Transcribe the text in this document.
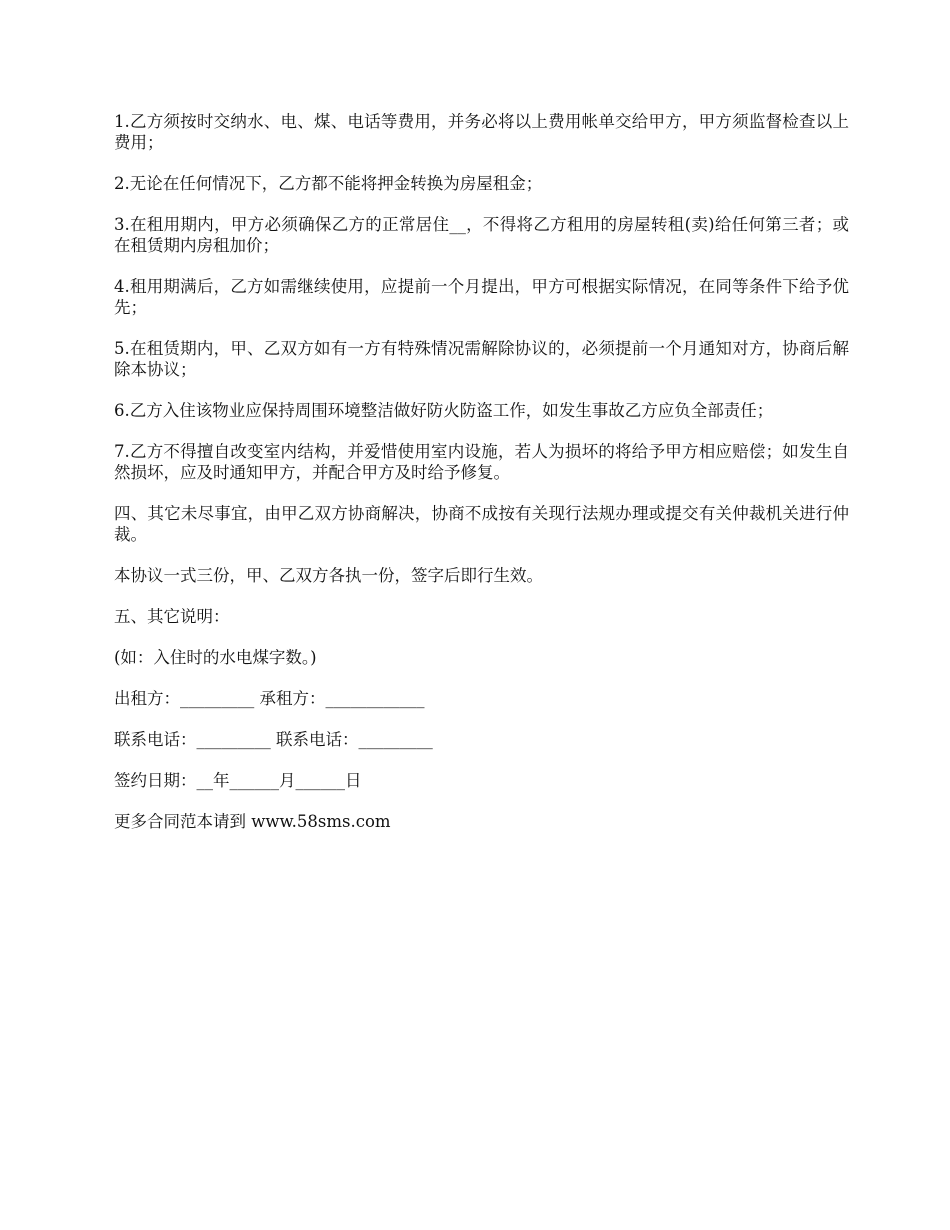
1.乙方须按时交纳水、电、煤、电话等费用，并务必将以上费用帐单交给甲方，甲方须监督检查以上费用；

2.无论在任何情况下，乙方都不能将押金转换为房屋租金；

3.在租用期内，甲方必须确保乙方的正常居住__，不得将乙方租用的房屋转租(卖)给任何第三者；或在租赁期内房租加价；

4.租用期满后，乙方如需继续使用，应提前一个月提出，甲方可根据实际情况，在同等条件下给予优先；

5.在租赁期内，甲、乙双方如有一方有特殊情况需解除协议的，必须提前一个月通知对方，协商后解除本协议；

6.乙方入住该物业应保持周围环境整洁做好防火防盗工作，如发生事故乙方应负全部责任；

7.乙方不得擅自改变室内结构，并爱惜使用室内设施，若人为损坏的将给予甲方相应赔偿；如发生自然损坏，应及时通知甲方，并配合甲方及时给予修复。

四、其它未尽事宜，由甲乙双方协商解决，协商不成按有关现行法规办理或提交有关仲裁机关进行仲裁。

本协议一式三份，甲、乙双方各执一份，签字后即行生效。

五、其它说明：

(如：入住时的水电煤字数。)

出租方：_________ 承租方：____________

联系电话：_________ 联系电话：_________

签约日期：__年______月______日

更多合同范本请到 www.58sms.com
